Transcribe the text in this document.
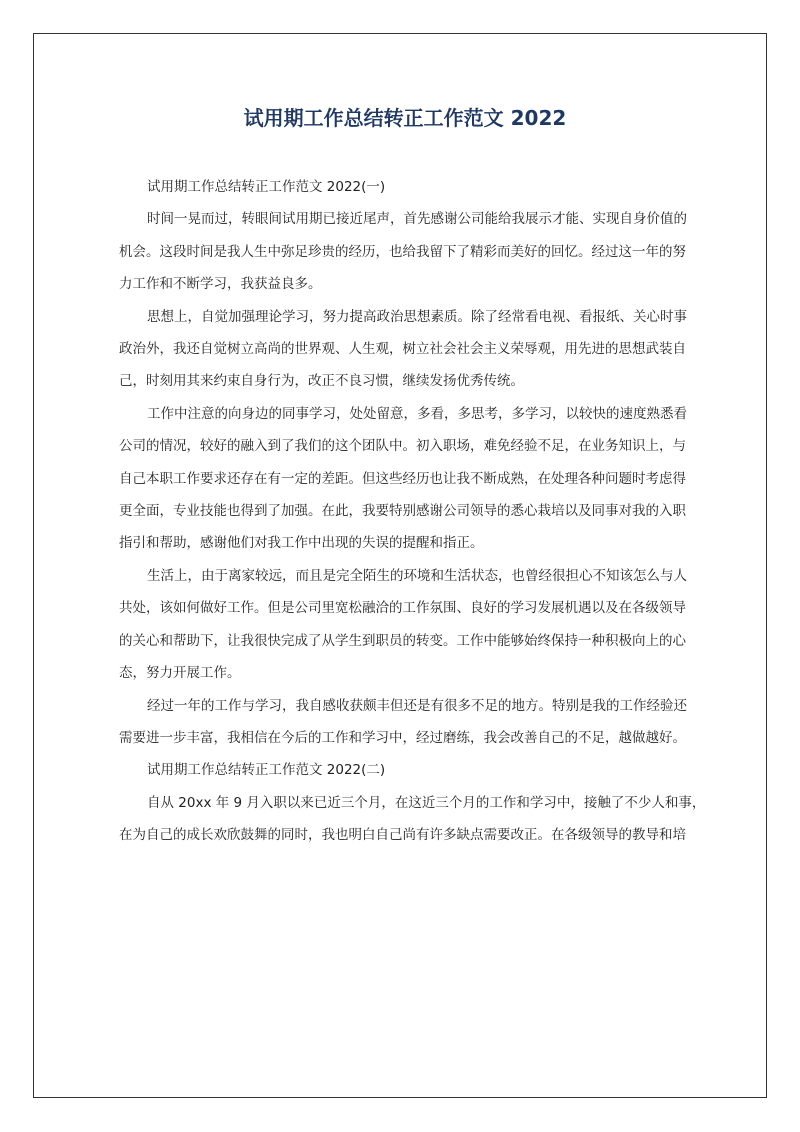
试用期工作总结转正工作范文 2022
试用期工作总结转正工作范文 2022(一)
时间一晃而过，转眼间试用期已接近尾声，首先感谢公司能给我展示才能、实现自身价值的
机会。这段时间是我人生中弥足珍贵的经历，也给我留下了精彩而美好的回忆。经过这一年的努
力工作和不断学习，我获益良多。
思想上，自觉加强理论学习，努力提高政治思想素质。除了经常看电视、看报纸、关心时事
政治外，我还自觉树立高尚的世界观、人生观，树立社会社会主义荣辱观，用先进的思想武装自
己，时刻用其来约束自身行为，改正不良习惯，继续发扬优秀传统。
工作中注意的向身边的同事学习，处处留意，多看，多思考，多学习，以较快的速度熟悉看
公司的情况，较好的融入到了我们的这个团队中。初入职场，难免经验不足，在业务知识上，与
自己本职工作要求还存在有一定的差距。但这些经历也让我不断成熟，在处理各种问题时考虑得
更全面，专业技能也得到了加强。在此，我要特别感谢公司领导的悉心栽培以及同事对我的入职
指引和帮助，感谢他们对我工作中出现的失误的提醒和指正。
生活上，由于离家较远，而且是完全陌生的环境和生活状态，也曾经很担心不知该怎么与人
共处，该如何做好工作。但是公司里宽松融洽的工作氛围、良好的学习发展机遇以及在各级领导
的关心和帮助下，让我很快完成了从学生到职员的转变。工作中能够始终保持一种积极向上的心
态，努力开展工作。
经过一年的工作与学习，我自感收获颇丰但还是有很多不足的地方。特别是我的工作经验还
需要进一步丰富，我相信在今后的工作和学习中，经过磨练，我会改善自己的不足，越做越好。
试用期工作总结转正工作范文 2022(二)
自从 20xx 年 9 月入职以来已近三个月，在这近三个月的工作和学习中，接触了不少人和事，
在为自己的成长欢欣鼓舞的同时，我也明白自己尚有许多缺点需要改正。在各级领导的教导和培
